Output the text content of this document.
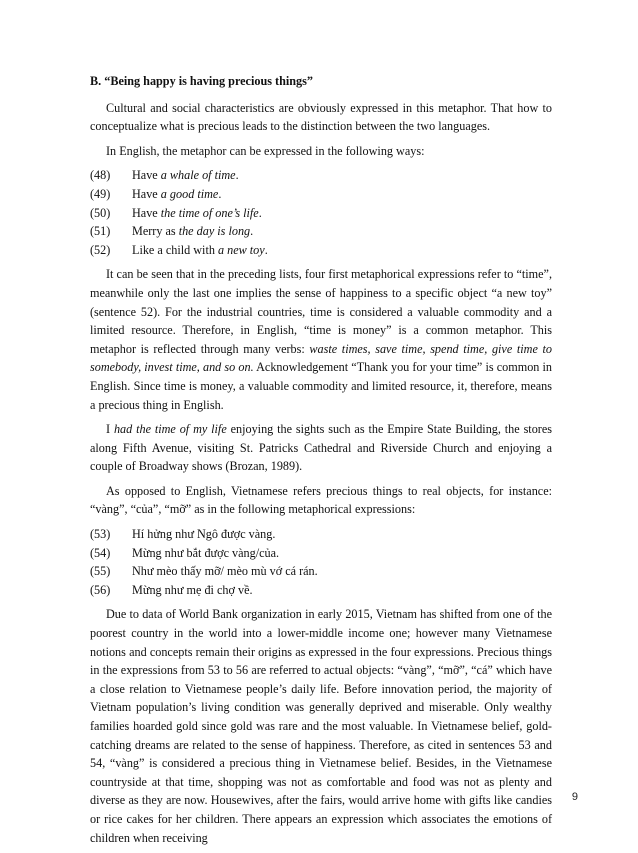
B. “Being happy is having precious things”

Cultural and social characteristics are obviously expressed in this metaphor. That how to conceptualize what is precious leads to the distinction between the two languages.

In English, the metaphor can be expressed in the following ways:

(48)	Have a whale of time.
(49)	Have a good time.
(50)	Have the time of one’s life.
(51)	Merry as the day is long.
(52)	Like a child with a new toy.

It can be seen that in the preceding lists, four first metaphorical expressions refer to “time”, meanwhile only the last one implies the sense of happiness to a specific object “a new toy” (sentence 52). For the industrial countries, time is considered a valuable commodity and a limited resource. Therefore, in English, “time is money” is a common metaphor. This metaphor is reflected through many verbs: waste times, save time, spend time, give time to somebody, invest time, and so on. Acknowledgement “Thank you for your time” is common in English. Since time is money, a valuable commodity and limited resource, it, therefore, means a precious thing in English.

I had the time of my life enjoying the sights such as the Empire State Building, the stores along Fifth Avenue, visiting St. Patricks Cathedral and Riverside Church and enjoying a couple of Broadway shows (Brozan, 1989).

As opposed to English, Vietnamese refers precious things to real objects, for instance: “vàng”, “của”, “mỡ” as in the following metaphorical expressions:

(53)	Hí hửng như Ngô được vàng.
(54)	Mừng như bắt được vàng/của.
(55)	Như mèo thấy mỡ/ mèo mù vớ cá rán.
(56)	Mừng như mẹ đi chợ về.

Due to data of World Bank organization in early 2015, Vietnam has shifted from one of the poorest country in the world into a lower-middle income one; however many Vietnamese notions and concepts remain their origins as expressed in the four expressions. Precious things in the expressions from 53 to 56 are referred to actual objects: “vàng”, “mỡ”, “cá” which have a close relation to Vietnamese people’s daily life. Before innovation period, the majority of Vietnam population’s living condition was generally deprived and miserable. Only wealthy families hoarded gold since gold was rare and the most valuable. In Vietnamese belief, gold-catching dreams are related to the sense of happiness. Therefore, as cited in sentences 53 and 54, “vàng” is considered a precious thing in Vietnamese belief. Besides, in the Vietnamese countryside at that time, shopping was not as comfortable and food was not as plenty and diverse as they are now. Housewives, after the fairs, would arrive home with gifts like candies or rice cakes for her children. There appears an expression which associates the emotions of children when receiving

9
